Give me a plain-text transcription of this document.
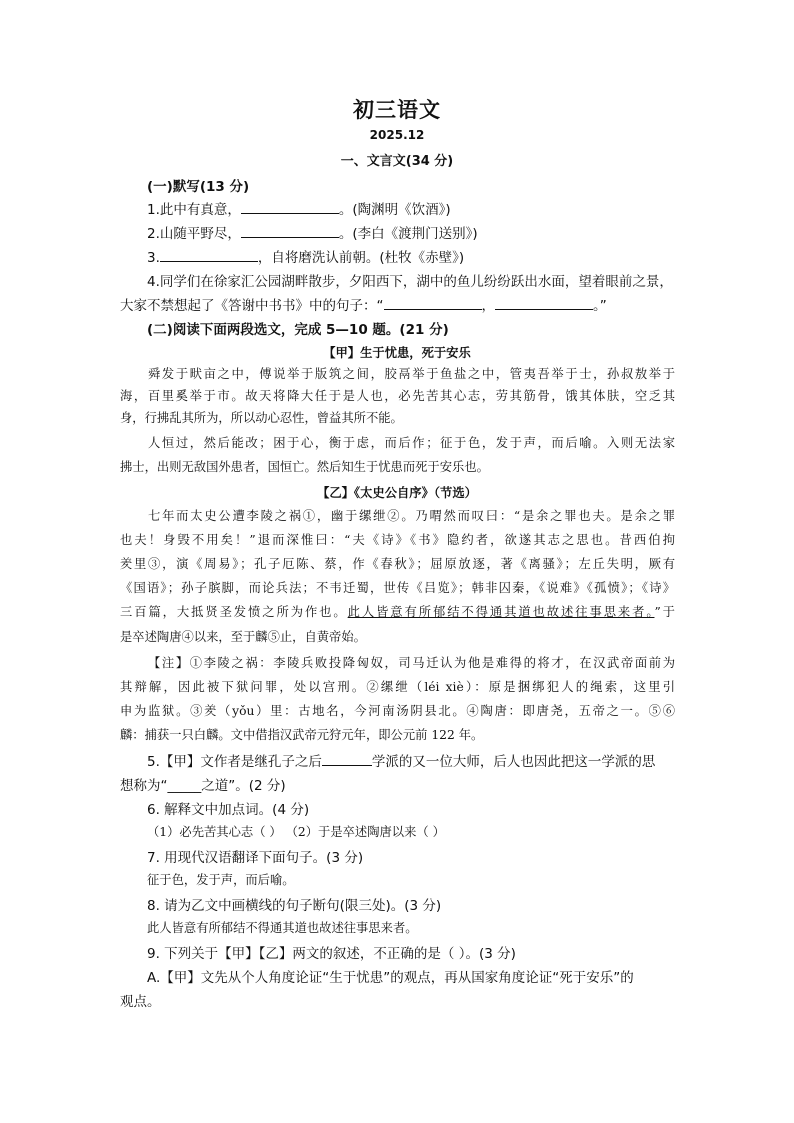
初三语文
2025.12
一、文言文(34 分)
(一)默写(13 分)
1.此中有真意，	。(陶渊明《饮酒》)
2.山随平野尽，	。(李白《渡荆门送别》)
3.	，自将磨洗认前朝。(杜牧《赤壁》)
4.同学们在徐家汇公园湖畔散步，夕阳西下，湖中的鱼儿纷纷跃出水面，望着眼前之景，
大家不禁想起了《答谢中书书》中的句子：“	，	。”
(二)阅读下面两段选文，完成 5—10 题。(21 分)
【甲】生于忧患，死于安乐
舜发于畎亩之中，傅说举于版筑之间，胶鬲举于鱼盐之中，管夷吾举于士，孙叔敖举于
海，百里奚举于市。故天将降大任于是人也，必先苦其心志，劳其筋骨，饿其体肤，空乏其
身，行拂乱其所为，所以动心忍性，曾益其所不能。
人恒过，然后能改；困于心，衡于虑，而后作；征于色，发于声，而后喻。入则无法家
拂士，出则无敌国外患者，国恒亡。然后知生于忧患而死于安乐也。
【乙】《太史公自序》（节选）
七年而太史公遭李陵之祸①，幽于缧绁②。乃喟然而叹曰：“是余之罪也夫。是余之罪
也夫！身毁不用矣！”退而深惟曰：“夫《诗》《书》隐约者，欲遂其志之思也。昔西伯拘
羑里③，演《周易》；孔子厄陈、蔡，作《春秋》；屈原放逐，著《离骚》；左丘失明，厥有
《国语》；孙子膑脚，而论兵法；不韦迁蜀，世传《吕览》；韩非囚秦，《说难》《孤愤》；《诗》
三百篇，大抵贤圣发愤之所为作也。此人皆意有所郁结不得通其道也故述往事思来者。”于
是卒述陶唐④以来，至于麟⑤止，自黄帝始。
【注】①李陵之祸：李陵兵败投降匈奴，司马迁认为他是难得的将才，在汉武帝面前为
其辩解，因此被下狱问罪，处以宫刑。②缧绁（léi xiè）：原是捆绑犯人的绳索，这里引
申为监狱。③羑（yǒu）里：古地名，今河南汤阴县北。④陶唐：即唐尧，五帝之一。⑤⑥
麟：捕获一只白麟。文中借指汉武帝元狩元年，即公元前 122 年。
5.【甲】文作者是继孔子之后	学派的又一位大师，后人也因此把这一学派的思
想称为“_____之道”。(2 分)
6. 解释文中加点词。(4 分)
（1）必先苦其心志（ ） （2）于是卒述陶唐以来（ ）
7. 用现代汉语翻译下面句子。(3 分)
征于色，发于声，而后喻。
8. 请为乙文中画横线的句子断句(限三处)。(3 分)
此人皆意有所郁结不得通其道也故述往事思来者。
9. 下列关于【甲】【乙】两文的叙述，不正确的是（ ）。(3 分)
A.【甲】文先从个人角度论证“生于忧患”的观点，再从国家角度论证“死于安乐”的
观点。
